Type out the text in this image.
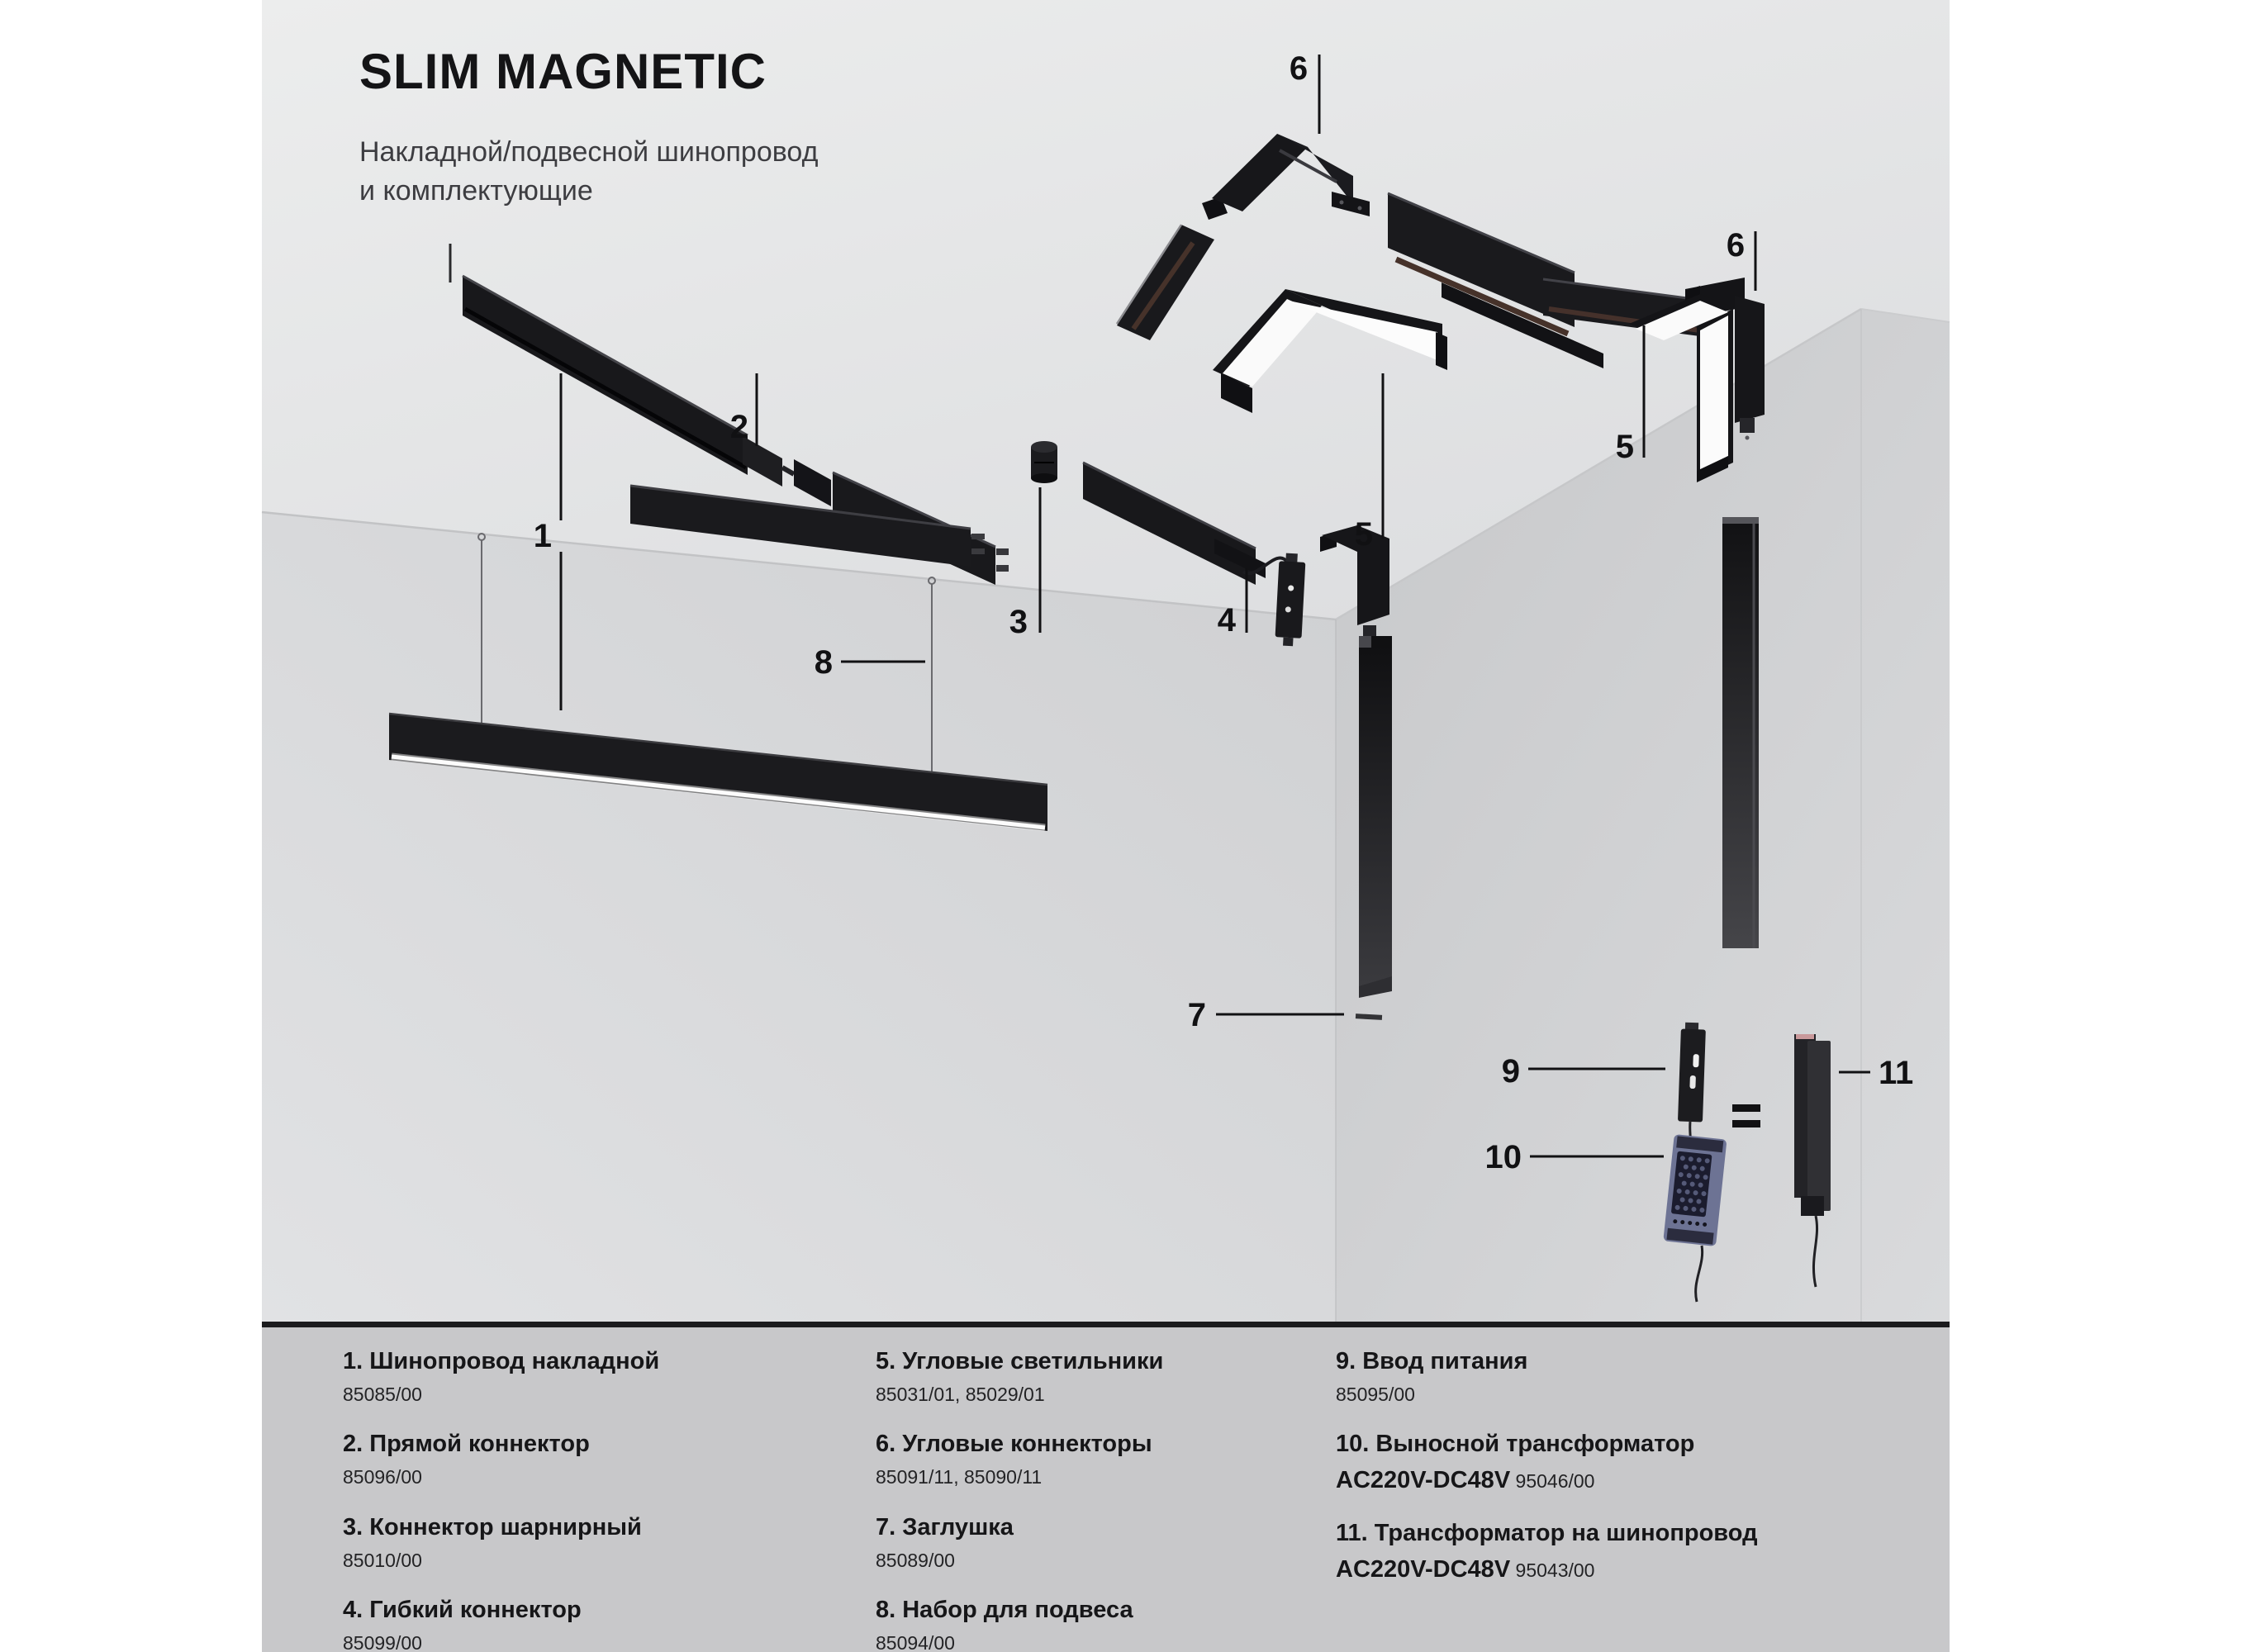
1
2
3	4
5
5
6
6
7
8
9
10
11
SLIM MAGNETIC
Накладной/подвесной шинопровод
и комплектующие
1. Шинопровод накладной
85085/00
2. Прямой коннектор
85096/00
3. Коннектор шарнирный
85010/00
4. Гибкий коннектор
85099/00
5. Угловые светильники
85031/01, 85029/01
6. Угловые коннекторы
85091/11, 85090/11
7. Заглушка
85089/00
8. Набор для подвеса
85094/00
9. Ввод питания
85095/00
10. Выносной трансформатор
AC220V-DC48V 95046/00
11. Трансформатор на шинопровод
AC220V-DC48V 95043/00
